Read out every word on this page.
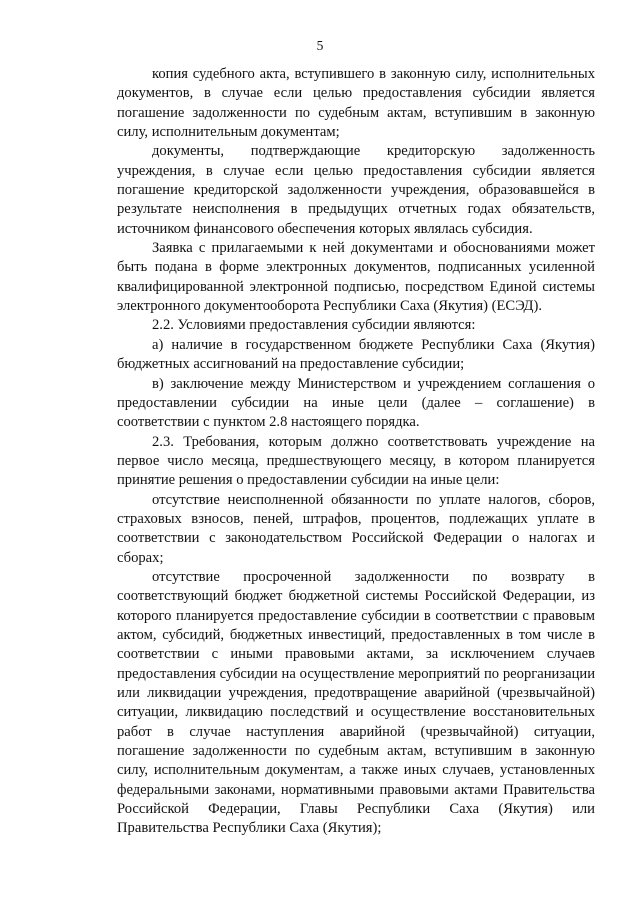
5

копия судебного акта, вступившего в законную силу, исполнительных документов, в случае если целью предоставления субсидии является погашение задолженности по судебным актам, вступившим в законную силу, исполнительным документам;

документы, подтверждающие кредиторскую задолженность учреждения, в случае если целью предоставления субсидии является погашение кредиторской задолженности учреждения, образовавшейся в результате неисполнения в предыдущих отчетных годах обязательств, источником финансового обеспечения которых являлась субсидия.

Заявка с прилагаемыми к ней документами и обоснованиями может быть подана в форме электронных документов, подписанных усиленной квалифицированной электронной подписью, посредством Единой системы электронного документооборота Республики Саха (Якутия) (ЕСЭД).

2.2. Условиями предоставления субсидии являются:

а) наличие в государственном бюджете Республики Саха (Якутия) бюджетных ассигнований на предоставление субсидии;

в) заключение между Министерством и учреждением соглашения о предоставлении субсидии на иные цели (далее – соглашение) в соответствии с пунктом 2.8 настоящего порядка.

2.3. Требования, которым должно соответствовать учреждение на первое число месяца, предшествующего месяцу, в котором планируется принятие решения о предоставлении субсидии на иные цели:

отсутствие неисполненной обязанности по уплате налогов, сборов, страховых взносов, пеней, штрафов, процентов, подлежащих уплате в соответствии с законодательством Российской Федерации о налогах и сборах;

отсутствие просроченной задолженности по возврату в соответствующий бюджет бюджетной системы Российской Федерации, из которого планируется предоставление субсидии в соответствии с правовым актом, субсидий, бюджетных инвестиций, предоставленных в том числе в соответствии с иными правовыми актами, за исключением случаев предоставления субсидии на осуществление мероприятий по реорганизации или ликвидации учреждения, предотвращение аварийной (чрезвычайной) ситуации, ликвидацию последствий и осуществление восстановительных работ в случае наступления аварийной (чрезвычайной) ситуации, погашение задолженности по судебным актам, вступившим в законную силу, исполнительным документам, а также иных случаев, установленных федеральными законами, нормативными правовыми актами Правительства Российской Федерации, Главы Республики Саха (Якутия) или Правительства Республики Саха (Якутия);
